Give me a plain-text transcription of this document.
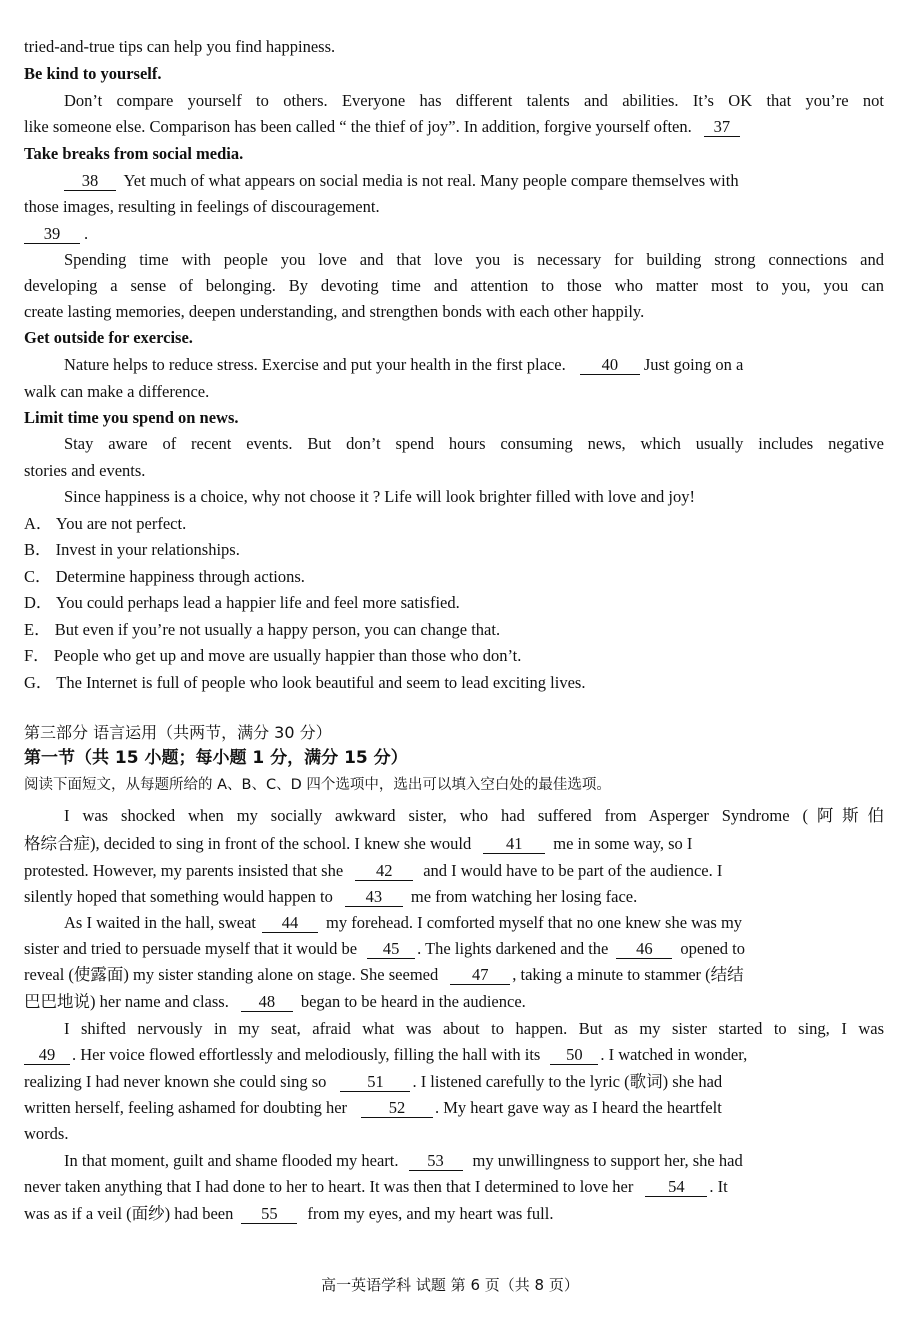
tried-and-true tips can help you find happiness.
Be kind to yourself.
Don’t compare yourself to others. Everyone has different talents and abilities. It’s OK that you’re not
like someone else. Comparison has been called “ the thief of joy”. In addition, forgive yourself often. 37
Take breaks from social media.
38 Yet much of what appears on social media is not real. Many people compare themselves with
those images, resulting in feelings of discouragement.
39 .
Spending time with people you love and that love you is necessary for building strong connections and
developing a sense of belonging. By devoting time and attention to those who matter most to you, you can
create lasting memories, deepen understanding, and strengthen bonds with each other happily.
Get outside for exercise.
Nature helps to reduce stress. Exercise and put your health in the first place. 40 Just going on a
walk can make a difference.
Limit time you spend on news.
Stay aware of recent events. But don’t spend hours consuming news, which usually includes negative
stories and events.
Since happiness is a choice, why not choose it ? Life will look brighter filled with love and joy!
A． You are not perfect.
B． Invest in your relationships.
C． Determine happiness through actions.
D． You could perhaps lead a happier life and feel more satisfied.
E． But even if you’re not usually a happy person, you can change that.
F． People who get up and move are usually happier than those who don’t.
G． The Internet is full of people who look beautiful and seem to lead exciting lives.
第三部分 语言运用（共两节，满分 30 分）
第一节（共 15 小题；每小题 1 分，满分 15 分）
阅读下面短文，从每题所给的 A、B、C、D 四个选项中，选出可以填入空白处的最佳选项。
I was shocked when my socially awkward sister, who had suffered from Asperger Syndrome (阿斯伯
格综合症), decided to sing in front of the school. I knew she would 41 me in some way, so I
protested. However, my parents insisted that she 42 and I would have to be part of the audience. I
silently hoped that something would happen to 43 me from watching her losing face.
As I waited in the hall, sweat 44 my forehead. I comforted myself that no one knew she was my
sister and tried to persuade myself that it would be 45 . The lights darkened and the 46 opened to
reveal (使露面) my sister standing alone on stage. She seemed 47 , taking a minute to stammer (结结
巴巴地说) her name and class. 48 began to be heard in the audience.
I shifted nervously in my seat, afraid what was about to happen. But as my sister started to sing, I was
49 . Her voice flowed effortlessly and melodiously, filling the hall with its 50 . I watched in wonder,
realizing I had never known she could sing so 51 . I listened carefully to the lyric (歌词) she had
written herself, feeling ashamed for doubting her	52 . My heart gave way as I heard the heartfelt
words.
In that moment, guilt and shame flooded my heart. 53 my unwillingness to support her, she had
never taken anything that I had done to her to heart. It was then that I determined to love her 54 . It
was as if a veil (面纱) had been 55 from my eyes, and my heart was full.
高一英语学科 试题 第 6 页（共 8 页）
